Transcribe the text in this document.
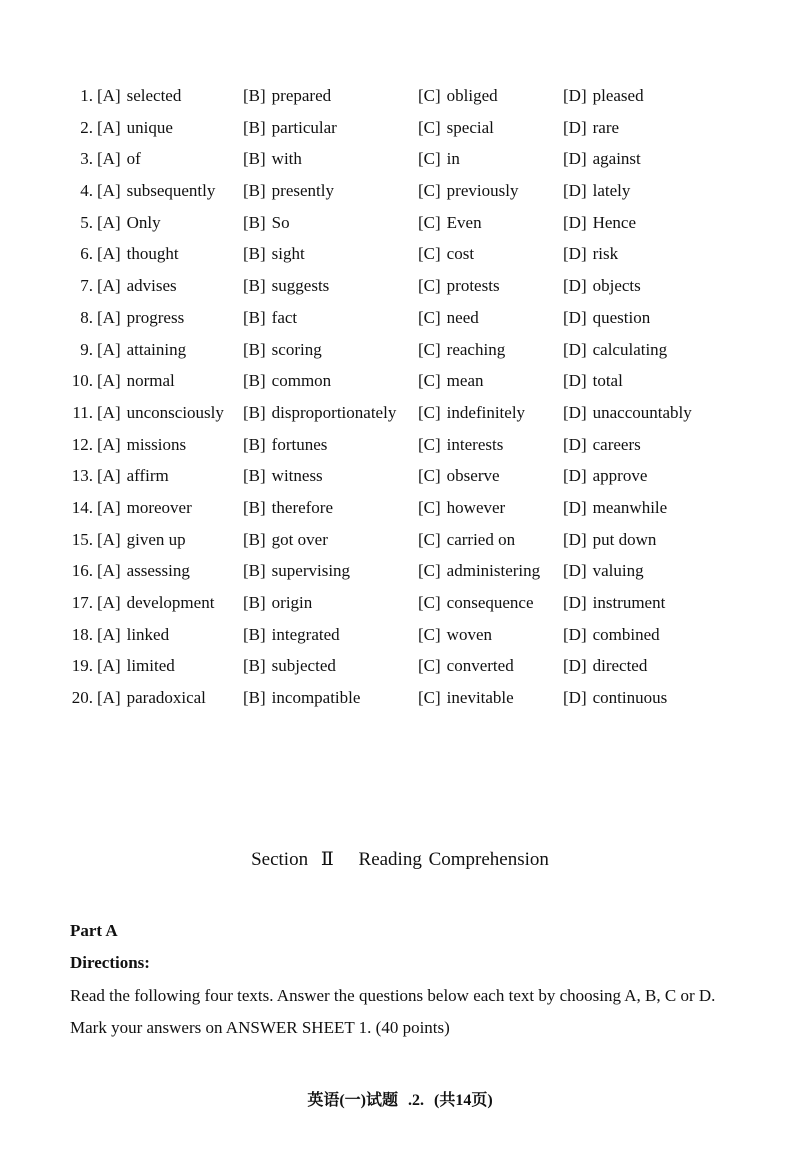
1. [A] selected	[B] prepared	[C] obliged	[D] pleased
2. [A] unique	[B] particular	[C] special	[D] rare
3. [A] of	[B] with	[C] in	[D] against
4. [A] subsequently [B] presently	[C] previously	[D] lately
5. [A] Only	[B] So	[C] Even	[D] Hence
6. [A] thought	[B] sight	[C] cost	[D] risk
7. [A] advises	[B] suggests	[C] protests	[D] objects
8. [A] progress	[B] fact	[C] need	[D] question
9. [A] attaining	[B] scoring	[C] reaching	[D] calculating
10. [A] normal	[B] common	[C] mean	[D] total
11. [A] unconsciously [B] disproportionately [C] indefinitely [D] unaccountably
12. [A] missions	[B] fortunes	[C] interests	[D] careers
13. [A] affirm	[B] witness	[C] observe	[D] approve
14. [A] moreover	[B] therefore	[C] however	[D] meanwhile
15. [A] given up	[B] got over	[C] carried on	[D] put down
16. [A] assessing	[B] supervising	[C] administering [D] valuing
17. [A] development [B] origin	[C] consequence [D] instrument
18. [A] linked	[B] integrated	[C] woven	[D] combined
19. [A] limited	[B] subjected	[C] converted	[D] directed
20. [A] paradoxical [B] incompatible	[C] inevitable	[D] continuous
Section Ⅱ Reading Comprehension
Part A
Directions:
Read the following four texts. Answer the questions below each text by choosing A, B, C or D. Mark your answers on ANSWER SHEET 1. (40 points)
英语(一)试题 .2. (共14页)
